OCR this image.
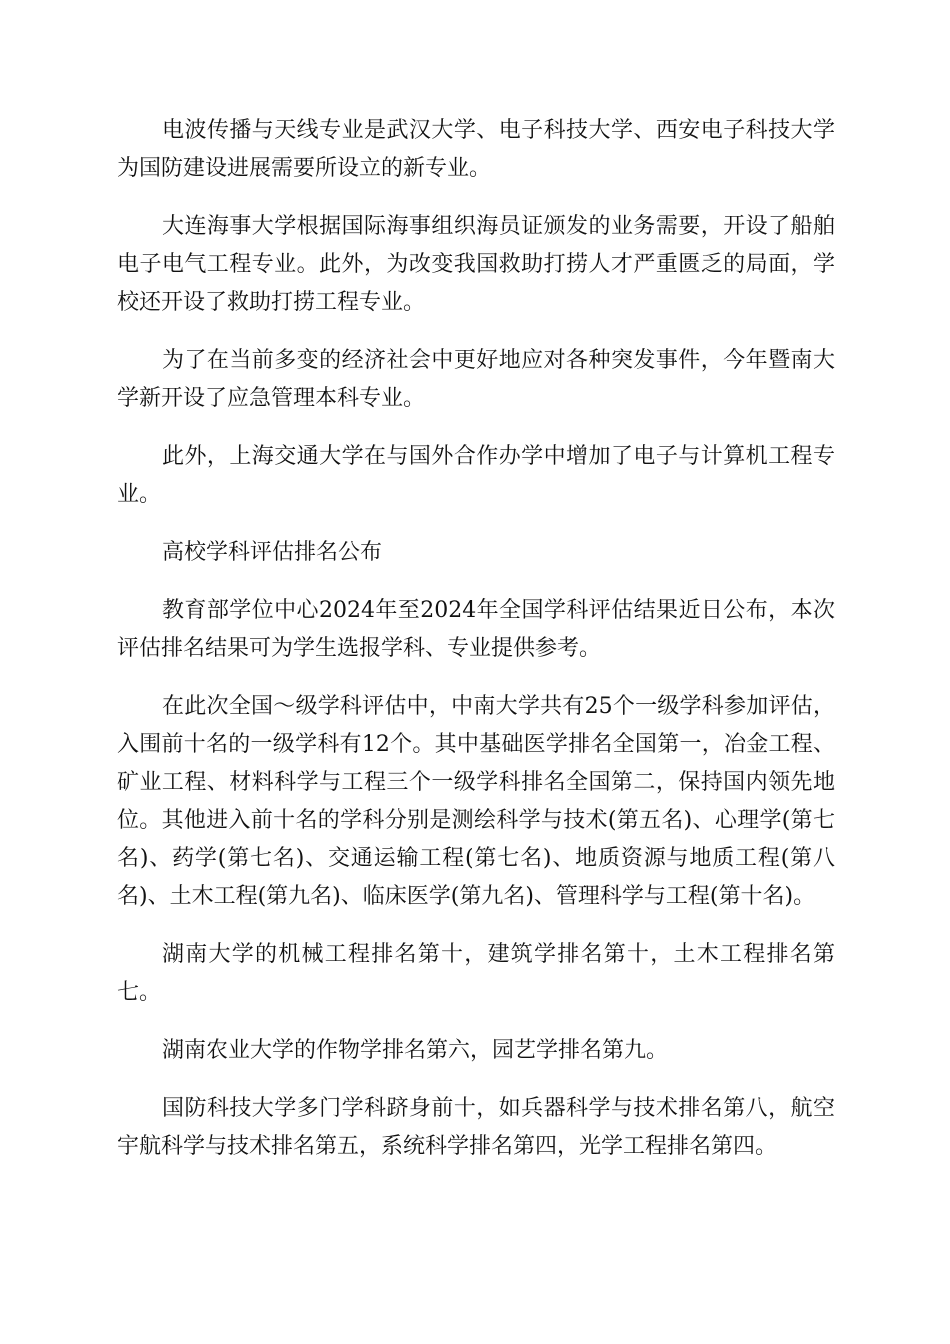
电波传播与天线专业是武汉大学、电子科技大学、西安电子科技大学为国防建设进展需要所设立的新专业。

大连海事大学根据国际海事组织海员证颁发的业务需要，开设了船舶电子电气工程专业。此外，为改变我国救助打捞人才严重匮乏的局面，学校还开设了救助打捞工程专业。

为了在当前多变的经济社会中更好地应对各种突发事件，今年暨南大学新开设了应急管理本科专业。

此外，上海交通大学在与国外合作办学中增加了电子与计算机工程专业。

高校学科评估排名公布

教育部学位中心2024年至2024年全国学科评估结果近日公布，本次评估排名结果可为学生选报学科、专业提供参考。

在此次全国～级学科评估中，中南大学共有25个一级学科参加评估，入围前十名的一级学科有12个。其中基础医学排名全国第一，冶金工程、矿业工程、材料科学与工程三个一级学科排名全国第二，保持国内领先地位。其他进入前十名的学科分别是测绘科学与技术(第五名)、心理学(第七名)、药学(第七名)、交通运输工程(第七名)、地质资源与地质工程(第八名)、土木工程(第九名)、临床医学(第九名)、管理科学与工程(第十名)。

湖南大学的机械工程排名第十，建筑学排名第十，土木工程排名第七。

湖南农业大学的作物学排名第六，园艺学排名第九。

国防科技大学多门学科跻身前十，如兵器科学与技术排名第八，航空宇航科学与技术排名第五，系统科学排名第四，光学工程排名第四。
